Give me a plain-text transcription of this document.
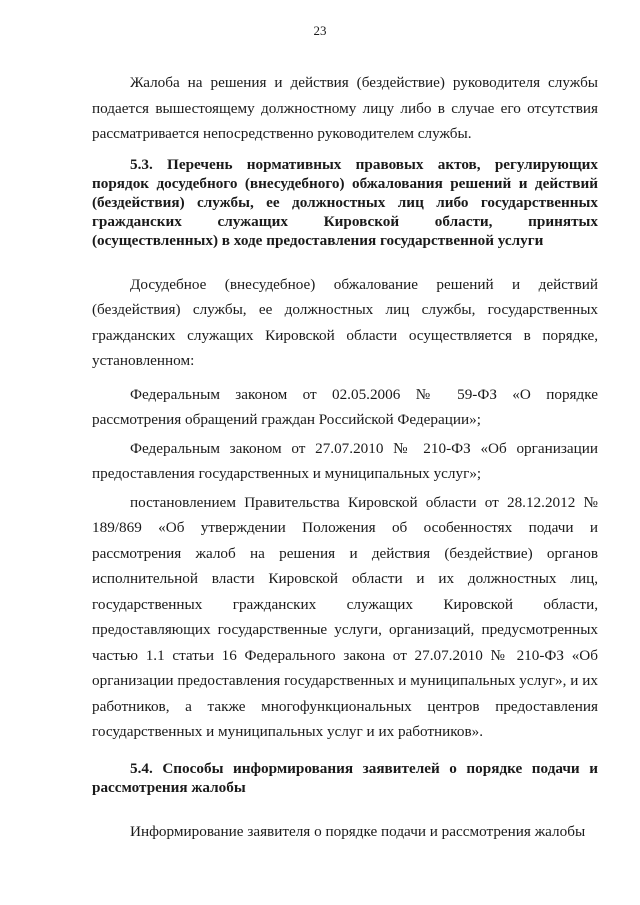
23

Жалоба на решения и действия (бездействие) руководителя службы подается вышестоящему должностному лицу либо в случае его отсутствия рассматривается непосредственно руководителем службы.

5.3. Перечень нормативных правовых актов, регулирующих порядок досудебного (внесудебного) обжалования решений и действий (бездействия) службы, ее должностных лиц либо государственных гражданских служащих Кировской области, принятых (осуществленных) в ходе предоставления государственной услуги

Досудебное (внесудебное) обжалование решений и действий (бездействия) службы, ее должностных лиц службы, государственных гражданских служащих Кировской области осуществляется в порядке, установленном:

Федеральным законом от 02.05.2006 № 59-ФЗ «О порядке рассмотрения обращений граждан Российской Федерации»;

Федеральным законом от 27.07.2010 № 210-ФЗ «Об организации предоставления государственных и муниципальных услуг»;

постановлением Правительства Кировской области от 28.12.2012 № 189/869 «Об утверждении Положения об особенностях подачи и рассмотрения жалоб на решения и действия (бездействие) органов исполнительной власти Кировской области и их должностных лиц, государственных гражданских служащих Кировской области, предоставляющих государственные услуги, организаций, предусмотренных частью 1.1 статьи 16 Федерального закона от 27.07.2010 № 210-ФЗ «Об организации предоставления государственных и муниципальных услуг», и их работников, а также многофункциональных центров предоставления государственных и муниципальных услуг и их работников».

5.4. Способы информирования заявителей о порядке подачи и рассмотрения жалобы

Информирование заявителя о порядке подачи и рассмотрения жалобы
